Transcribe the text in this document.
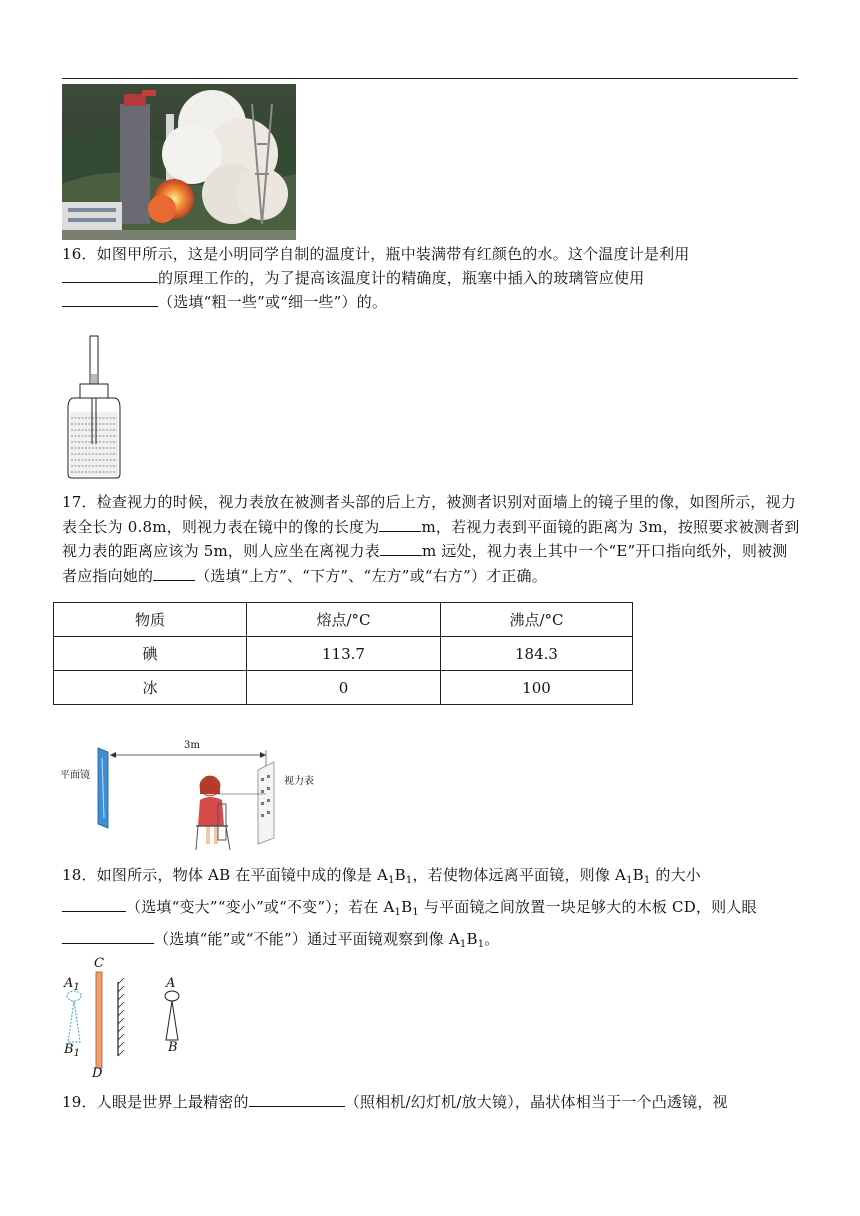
16．如图甲所示，这是小明同学自制的温度计，瓶中装满带有红颜色的水。这个温度计是利用
的原理工作的，为了提高该温度计的精确度，瓶塞中插入的玻璃管应使用
（选填“粗一些”或“细一些”）的。
17．检查视力的时候，视力表放在被测者头部的后上方，被测者识别对面墙上的镜子里的像，如图所示，视力表全长为 0.8m，则视力表在镜中的像的长度为	m，若视力表到平面镜的距离为 3m，按照要求被测者到视力表的距离应该为 5m，则人应坐在离视力表	m 远处，视力表上其中一个“E”开口指向纸外，则被测者应指向她的	（选填“上方”、“下方”、“左方”或“右方”）才正确。
物质	熔点/°C	沸点/°C
碘	113.7	184.3
冰	0	100
3m
平面镜
视力表
18．如图所示，物体 AB 在平面镜中成的像是 $A_1B_1$，若使物体远离平面镜，则像 $A_1B_1$ 的大小
（选填“变大”“变小”或“不变”）；若在 $A_1B_1$ 与平面镜之间放置一块足够大的木板 CD，则人眼（选填“能”或“不能”）通过平面镜观察到像 $A_1B_1$。
$A_1$
$B_1$
C
D
A
B
19．人眼是世界上最精密的	（照相机/幻灯机/放大镜），晶状体相当于一个凸透镜，视
